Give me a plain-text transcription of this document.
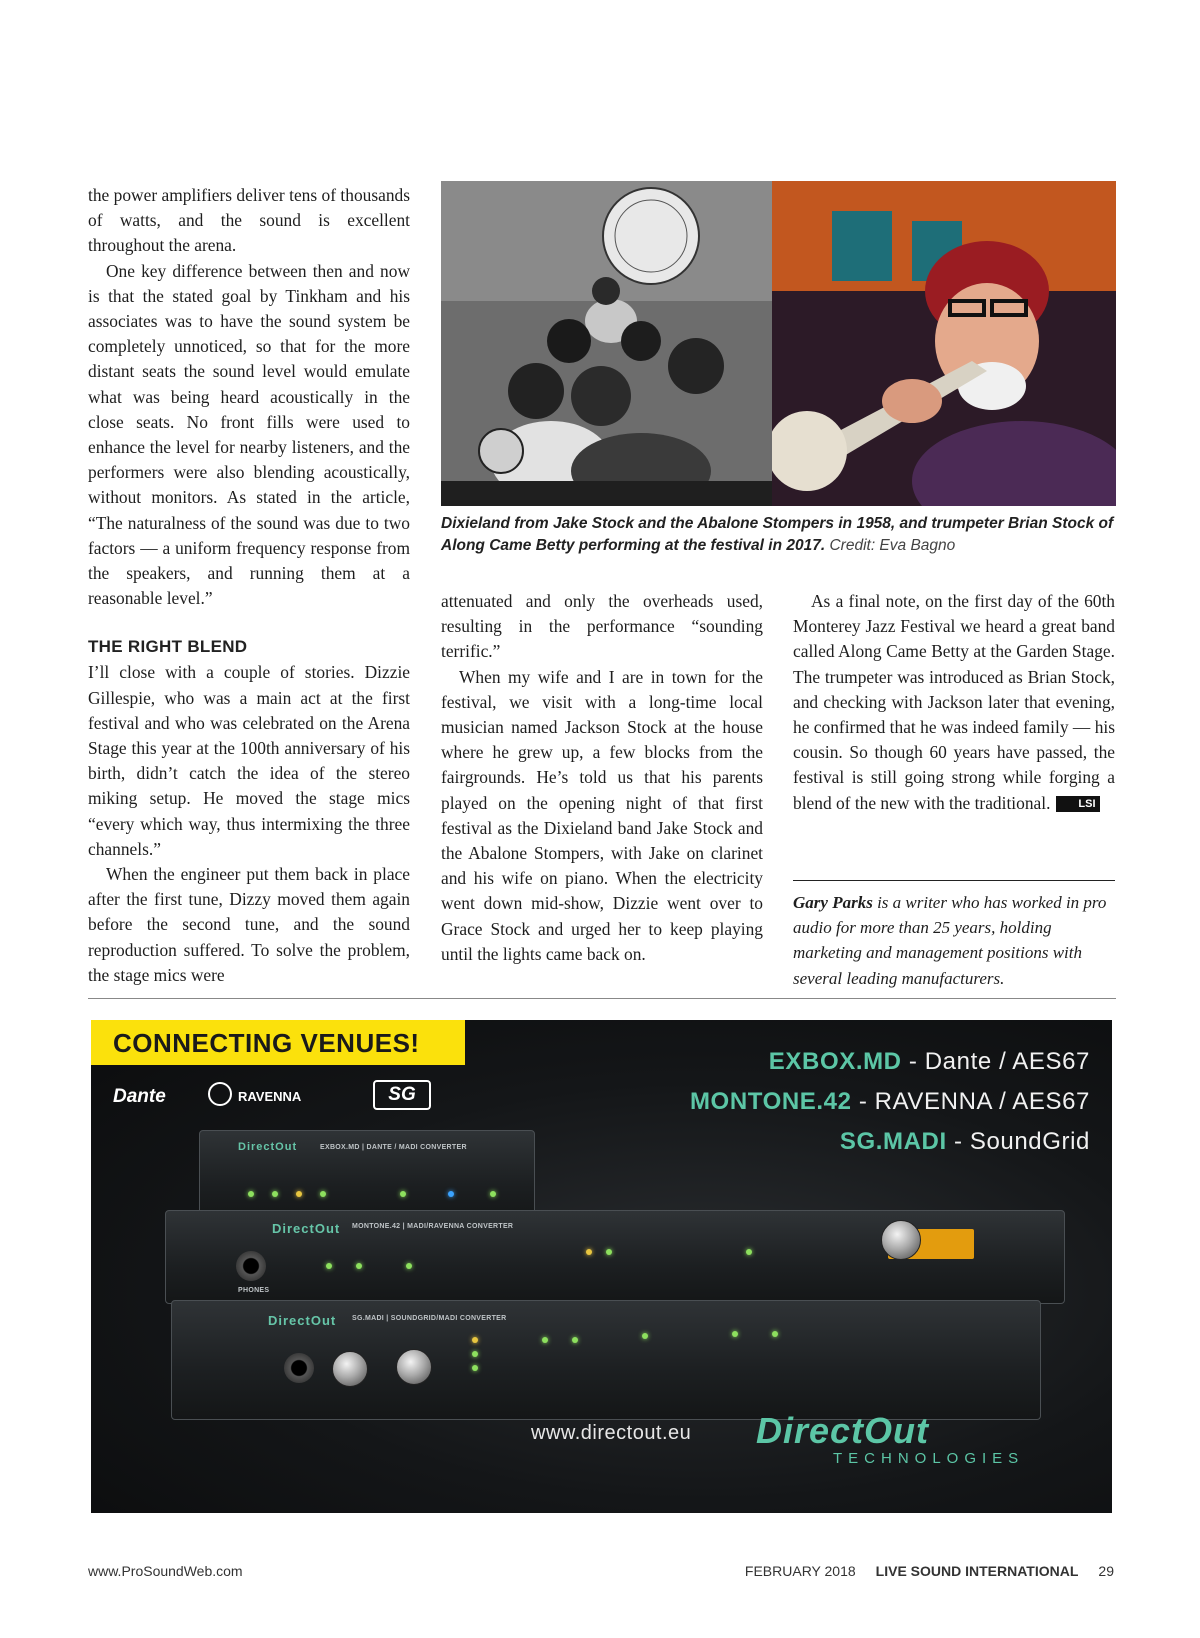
the power amplifiers deliver tens of thousands of watts, and the sound is excellent throughout the arena.

One key difference between then and now is that the stated goal by Tinkham and his associates was to have the sound system be completely unnoticed, so that for the more distant seats the sound level would emulate what was being heard acoustically in the close seats. No front fills were used to enhance the level for nearby listeners, and the performers were also blending acoustically, without monitors. As stated in the article, “The naturalness of the sound was due to two factors — a uniform frequency response from the speakers, and running them at a reasonable level.”

THE RIGHT BLEND

I’ll close with a couple of stories. Dizzie Gillespie, who was a main act at the first festival and who was celebrated on the Arena Stage this year at the 100th anniversary of his birth, didn’t catch the idea of the stereo miking setup. He moved the stage mics “every which way, thus intermixing the three channels.”

When the engineer put them back in place after the first tune, Dizzy moved them again before the second tune, and the sound reproduction suffered. To solve the problem, the stage mics were

Dixieland from Jake Stock and the Abalone Stompers in 1958, and trumpeter Brian Stock of Along Came Betty performing at the festival in 2017. Credit: Eva Bagno

attenuated and only the overheads used, resulting in the performance “sounding terrific.”

When my wife and I are in town for the festival, we visit with a long-time local musician named Jackson Stock at the house where he grew up, a few blocks from the fairgrounds. He’s told us that his parents played on the opening night of that first festival as the Dixieland band Jake Stock and the Abalone Stompers, with Jake on clarinet and his wife on piano. When the electricity went down mid-show, Dizzie went over to Grace Stock and urged her to keep playing until the lights came back on.

As a final note, on the first day of the 60th Monterey Jazz Festival we heard a great band called Along Came Betty at the Garden Stage. The trumpeter was introduced as Brian Stock, and checking with Jackson later that evening, he confirmed that he was indeed family — his cousin. So though 60 years have passed, the festival is still going strong while forging a blend of the new with the traditional.	LSI

Gary Parks is a writer who has worked in pro audio for more than 25 years, holding marketing and management positions with several leading manufacturers.
CONNECTING VENUES!
Dante	RAVENNA	SG
EXBOX.MD - Dante / AES67
MONTONE.42 - RAVENNA / AES67
SG.MADI - SoundGrid
DirectOut	EXBOX.MD | DANTE / MADI CONVERTER
DirectOut MONTONE.42 | MADI/RAVENNA CONVERTER
PHONES
DirectOut SG.MADI | SOUNDGRID/MADI CONVERTER
www.directout.eu DirectOut
TECHNOLOGIES
www.ProSoundWeb.com	FEBRUARY 2018 LIVE SOUND INTERNATIONAL 29
